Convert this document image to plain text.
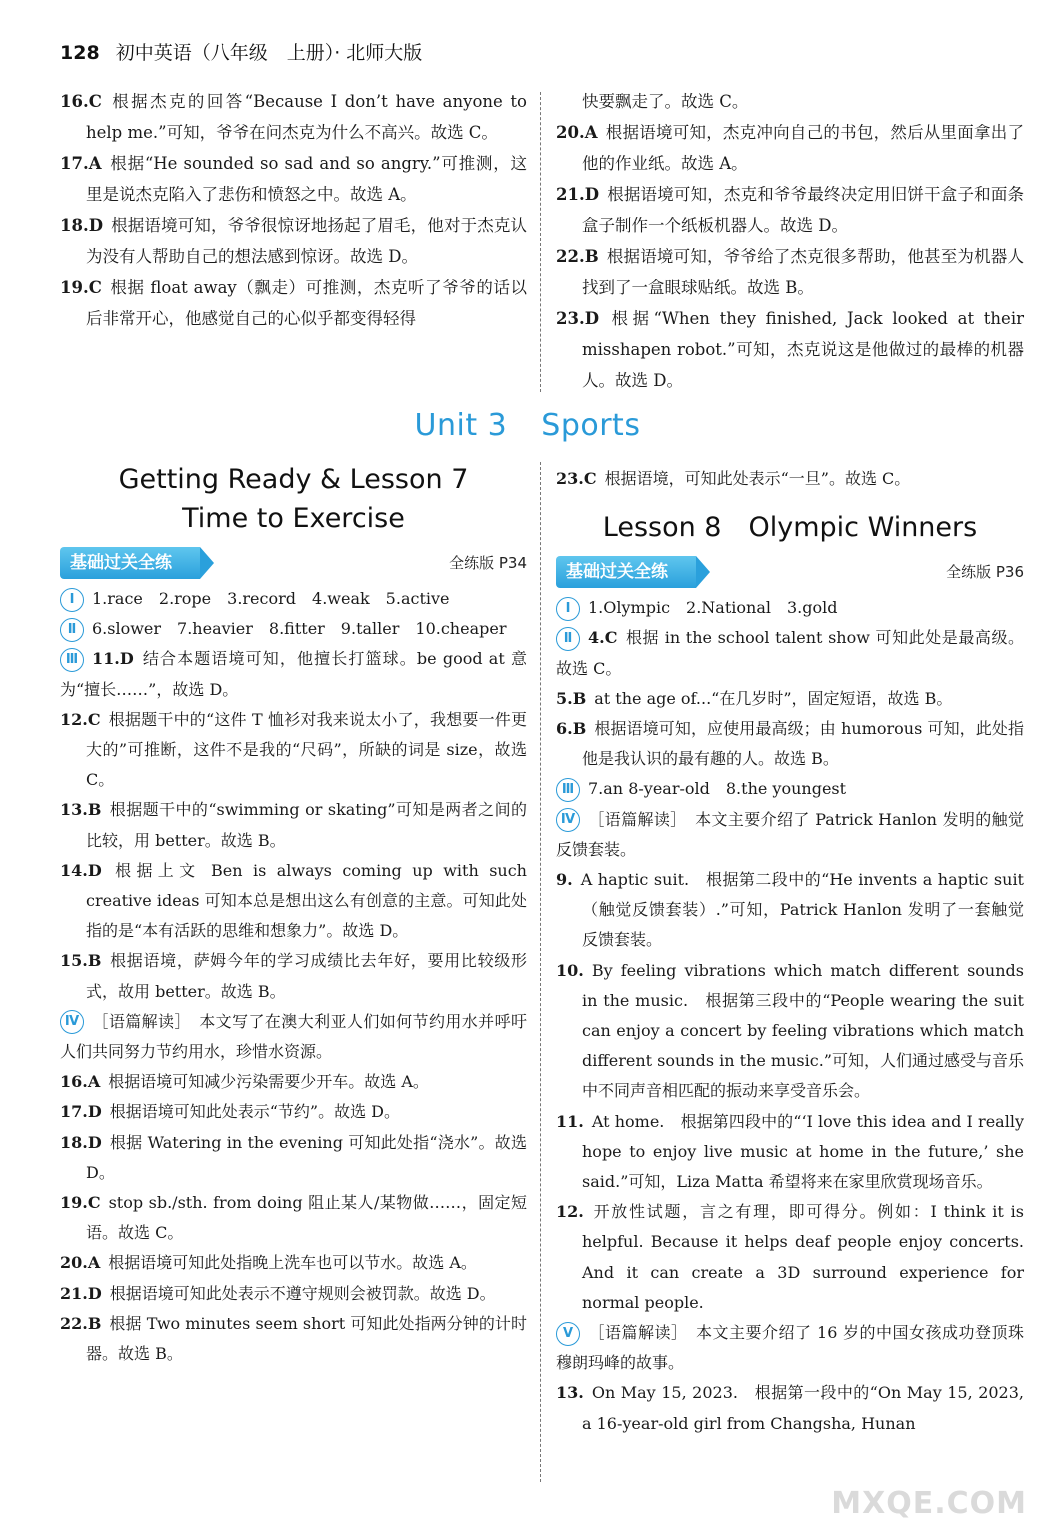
128 初中英语（八年级　上册）· 北师大版

16.C 根据杰克的回答“Because I don’t have anyone to help me.”可知，爷爷在问杰克为什么不高兴。故选 C。

17.A 根据“He sounded so sad and so angry.”可推测，这里是说杰克陷入了悲伤和愤怒之中。故选 A。

18.D 根据语境可知，爷爷很惊讶地扬起了眉毛，他对于杰克认为没有人帮助自己的想法感到惊讶。故选 D。

19.C 根据 float away（飘走）可推测，杰克听了爷爷的话以后非常开心，他感觉自己的心似乎都变得轻得

快要飘走了。故选 C。

20.A 根据语境可知，杰克冲向自己的书包，然后从里面拿出了他的作业纸。故选 A。

21.D 根据语境可知，杰克和爷爷最终决定用旧饼干盒子和面条盒子制作一个纸板机器人。故选 D。

22.B 根据语境可知，爷爷给了杰克很多帮助，他甚至为机器人找到了一盒眼球贴纸。故选 B。

23.D 根据“When they finished, Jack looked at their misshapen robot.”可知，杰克说这是他做过的最棒的机器人。故选 D。

Unit 3 Sports

Getting Ready & Lesson 7

Time to Exercise

基础过关全练	全练版 P34

Ⅰ 1.race　2.rope　3.record　4.weak　5.active

Ⅱ 6.slower　7.heavier　8.fitter　9.taller　10.cheaper

Ⅲ 11.D 结合本题语境可知，他擅长打篮球。be good at 意为“擅长……”，故选 D。

12.C 根据题干中的“这件 T 恤衫对我来说太小了，我想要一件更大的”可推断，这件不是我的“尺码”，所缺的词是 size，故选 C。

13.B 根据题干中的“swimming or skating”可知是两者之间的比较，用 better。故选 B。

14.D 根据上文 Ben is always coming up with such creative ideas 可知本总是想出这么有创意的主意。可知此处指的是“本有活跃的思维和想象力”。故选 D。

15.B 根据语境，萨姆今年的学习成绩比去年好，要用比较级形式，故用 better。故选 B。

Ⅳ ［语篇解读］　本文写了在澳大利亚人们如何节约用水并呼吁人们共同努力节约用水，珍惜水资源。

16.A 根据语境可知减少污染需要少开车。故选 A。

17.D 根据语境可知此处表示“节约”。故选 D。

18.D 根据 Watering in the evening 可知此处指“浇水”。故选 D。

19.C stop sb./sth. from doing 阻止某人/某物做……，固定短语。故选 C。

20.A 根据语境可知此处指晚上洗车也可以节水。故选 A。

21.D 根据语境可知此处表示不遵守规则会被罚款。故选 D。

22.B 根据 Two minutes seem short 可知此处指两分钟的计时器。故选 B。

23.C 根据语境，可知此处表示“一旦”。故选 C。

Lesson 8　Olympic Winners

基础过关全练	全练版 P36

Ⅰ 1.Olympic　2.National　3.gold

Ⅱ 4.C 根据 in the school talent show 可知此处是最高级。故选 C。

5.B at the age of...“在几岁时”，固定短语，故选 B。

6.B 根据语境可知，应使用最高级；由 humorous 可知，此处指他是我认识的最有趣的人。故选 B。

Ⅲ 7.an 8-year-old　8.the youngest

Ⅳ ［语篇解读］　本文主要介绍了 Patrick Hanlon 发明的触觉反馈套装。

9. A haptic suit.　根据第二段中的“He invents a haptic suit（触觉反馈套装）.”可知，Patrick Hanlon 发明了一套触觉反馈套装。

10. By feeling vibrations which match different sounds in the music.　根据第三段中的“People wearing the suit can enjoy a concert by feeling vibrations which match different sounds in the music.”可知，人们通过感受与音乐中不同声音相匹配的振动来享受音乐会。

11. At home.　根据第四段中的“‘I love this idea and I really hope to enjoy live music at home in the future,’ she said.”可知，Liza Matta 希望将来在家里欣赏现场音乐。

12. 开放性试题，言之有理，即可得分。例如：I think it is helpful. Because it helps deaf people enjoy concerts. And it can create a 3D surround experience for normal people.

Ⅴ ［语篇解读］　本文主要介绍了 16 岁的中国女孩成功登顶珠穆朗玛峰的故事。

13. On May 15, 2023.　根据第一段中的“On May 15, 2023, a 16-year-old girl from Changsha, Hunan

MXQE.COM
